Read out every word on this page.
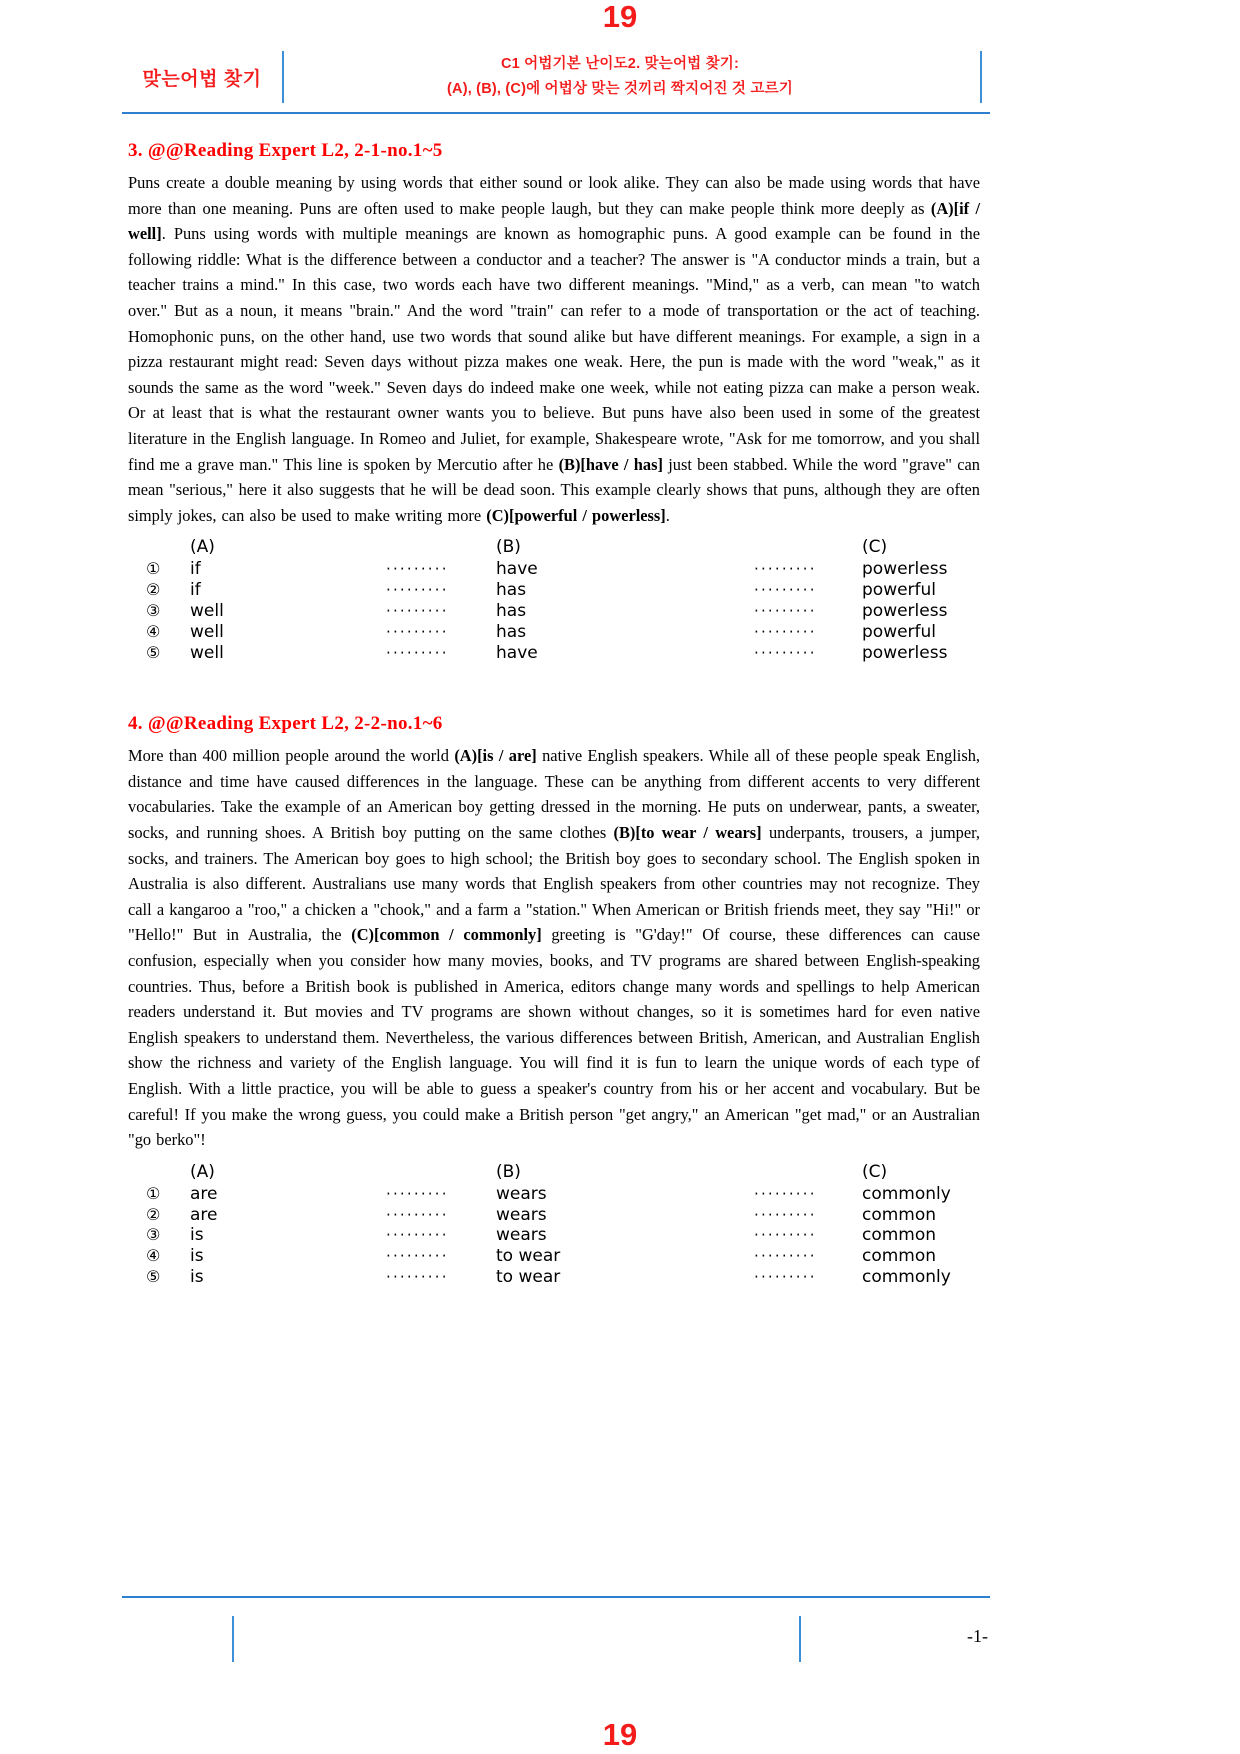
19
맞는어법 찾기
C1 어법기본 난이도2. 맞는어법 찾기:
(A), (B), (C)에 어법상 맞는 것끼리 짝지어진 것 고르기
3. @@Reading Expert L2, 2-1-no.1~5

Puns create a double meaning by using words that either sound or look alike. They can also be made using words that have more than one meaning. Puns are often used to make people laugh, but they can make people think more deeply as (A)[if / well]. Puns using words with multiple meanings are known as homographic puns. A good example can be found in the following riddle: What is the difference between a conductor and a teacher? The answer is "A conductor minds a train, but a teacher trains a mind." In this case, two words each have two different meanings. "Mind," as a verb, can mean "to watch over." But as a noun, it means "brain." And the word "train" can refer to a mode of transportation or the act of teaching. Homophonic puns, on the other hand, use two words that sound alike but have different meanings. For example, a sign in a pizza restaurant might read: Seven days without pizza makes one weak. Here, the pun is made with the word "weak," as it sounds the same as the word "week." Seven days do indeed make one week, while not eating pizza can make a person weak. Or at least that is what the restaurant owner wants you to believe. But puns have also been used in some of the greatest literature in the English language. In Romeo and Juliet, for example, Shakespeare wrote, "Ask for me tomorrow, and you shall find me a grave man." This line is spoken by Mercutio after he (B)[have / has] just been stabbed. While the word "grave" can mean "serious," here it also suggests that he will be dead soon. This example clearly shows that puns, although they are often simply jokes, can also be used to make writing more (C)[powerful / powerless].

	(A)		(B)		(C)
①	if	·········	have	·········	powerless
②	if	·········	has	·········	powerful
③	well	·········	has	·········	powerless
④	well	·········	has	·········	powerful
⑤	well	·········	have	·········	powerless
4. @@Reading Expert L2, 2-2-no.1~6

More than 400 million people around the world (A)[is / are] native English speakers. While all of these people speak English, distance and time have caused differences in the language. These can be anything from different accents to very different vocabularies. Take the example of an American boy getting dressed in the morning. He puts on underwear, pants, a sweater, socks, and running shoes. A British boy putting on the same clothes (B)[to wear / wears] underpants, trousers, a jumper, socks, and trainers. The American boy goes to high school; the British boy goes to secondary school. The English spoken in Australia is also different. Australians use many words that English speakers from other countries may not recognize. They call a kangaroo a "roo," a chicken a "chook," and a farm a "station." When American or British friends meet, they say "Hi!" or "Hello!" But in Australia, the (C)[common / commonly] greeting is "G'day!" Of course, these differences can cause confusion, especially when you consider how many movies, books, and TV programs are shared between English-speaking countries. Thus, before a British book is published in America, editors change many words and spellings to help American readers understand it. But movies and TV programs are shown without changes, so it is sometimes hard for even native English speakers to understand them. Nevertheless, the various differences between British, American, and Australian English show the richness and variety of the English language. You will find it is fun to learn the unique words of each type of English. With a little practice, you will be able to guess a speaker's country from his or her accent and vocabulary. But be careful! If you make the wrong guess, you could make a British person "get angry," an American "get mad," or an Australian "go berko"!

	(A)		(B)		(C)
①	are	·········	wears	·········	commonly
②	are	·········	wears	·········	common
③	is	·········	wears	·········	common
④	is	·········	to wear	·········	common
⑤	is	·········	to wear	·········	commonly
-1-
19
